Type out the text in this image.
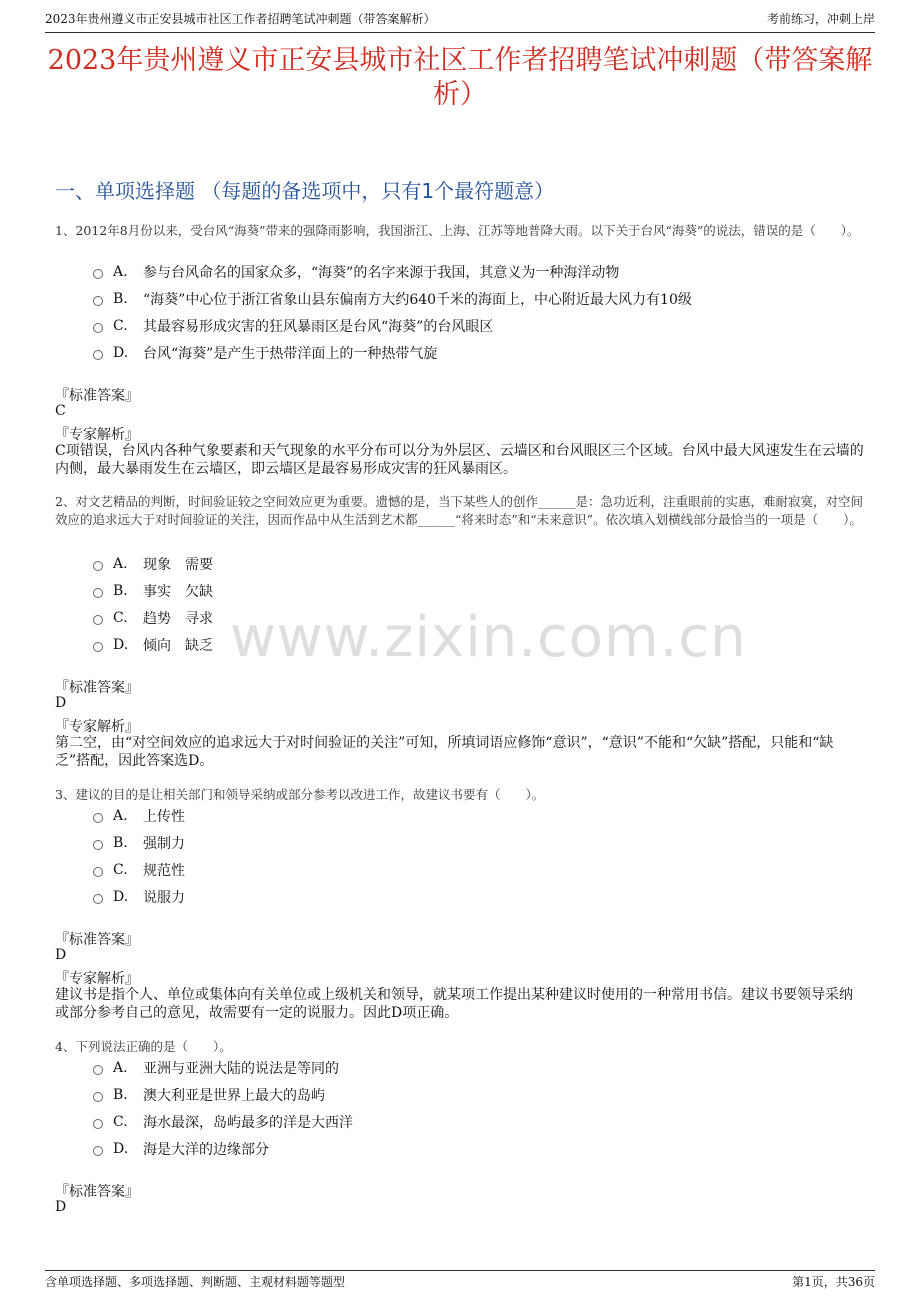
2023年贵州遵义市正安县城市社区工作者招聘笔试冲刺题（带答案解析）	考前练习，冲刺上岸
2023年贵州遵义市正安县城市社区工作者招聘笔试冲刺题（带答案解析）
一、单项选择题 （每题的备选项中，只有1个最符题意）
www.zixin.com.cn
1、2012年8月份以来，受台风“海葵”带来的强降雨影响，我国浙江、上海、江苏等地普降大雨。以下关于台风“海葵”的说法，错误的是（　　）。
A.	参与台风命名的国家众多，“海葵”的名字来源于我国，其意义为一种海洋动物
B.	“海葵”中心位于浙江省象山县东偏南方大约640千米的海面上，中心附近最大风力有10级
C.	其最容易形成灾害的狂风暴雨区是台风“海葵”的台风眼区
D.	台风“海葵”是产生于热带洋面上的一种热带气旋
『标准答案』
C
『专家解析』
C项错误，台风内各种气象要素和天气现象的水平分布可以分为外层区、云墙区和台风眼区三个区域。台风中最大风速发生在云墙的内侧，最大暴雨发生在云墙区，即云墙区是最容易形成灾害的狂风暴雨区。
2、对文艺精品的判断，时间验证较之空间效应更为重要。遗憾的是，当下某些人的创作______是：急功近利，注重眼前的实惠，难耐寂寞，对空间效应的追求远大于对时间验证的关注，因而作品中从生活到艺术都______“将来时态”和“未来意识”。依次填入划横线部分最恰当的一项是（　　）。
A.	现象　需要
B.	事实　欠缺
C.	趋势　寻求
D.	倾向　缺乏
『标准答案』
D
『专家解析』
第二空，由“对空间效应的追求远大于对时间验证的关注”可知，所填词语应修饰“意识”，“意识”不能和“欠缺”搭配，只能和“缺乏”搭配，因此答案选D。
3、建议的目的是让相关部门和领导采纳或部分参考以改进工作，故建议书要有（　　）。
A.	上传性
B.	强制力
C.	规范性
D.	说服力
『标准答案』
D
『专家解析』
建议书是指个人、单位或集体向有关单位或上级机关和领导，就某项工作提出某种建议时使用的一种常用书信。建议书要领导采纳或部分参考自己的意见，故需要有一定的说服力。因此D项正确。
4、下列说法正确的是（　　）。
A.	亚洲与亚洲大陆的说法是等同的
B.	澳大利亚是世界上最大的岛屿
C.	海水最深，岛屿最多的洋是大西洋
D.	海是大洋的边缘部分
『标准答案』
D
含单项选择题、多项选择题、判断题、主观材料题等题型	第1页，共36页
